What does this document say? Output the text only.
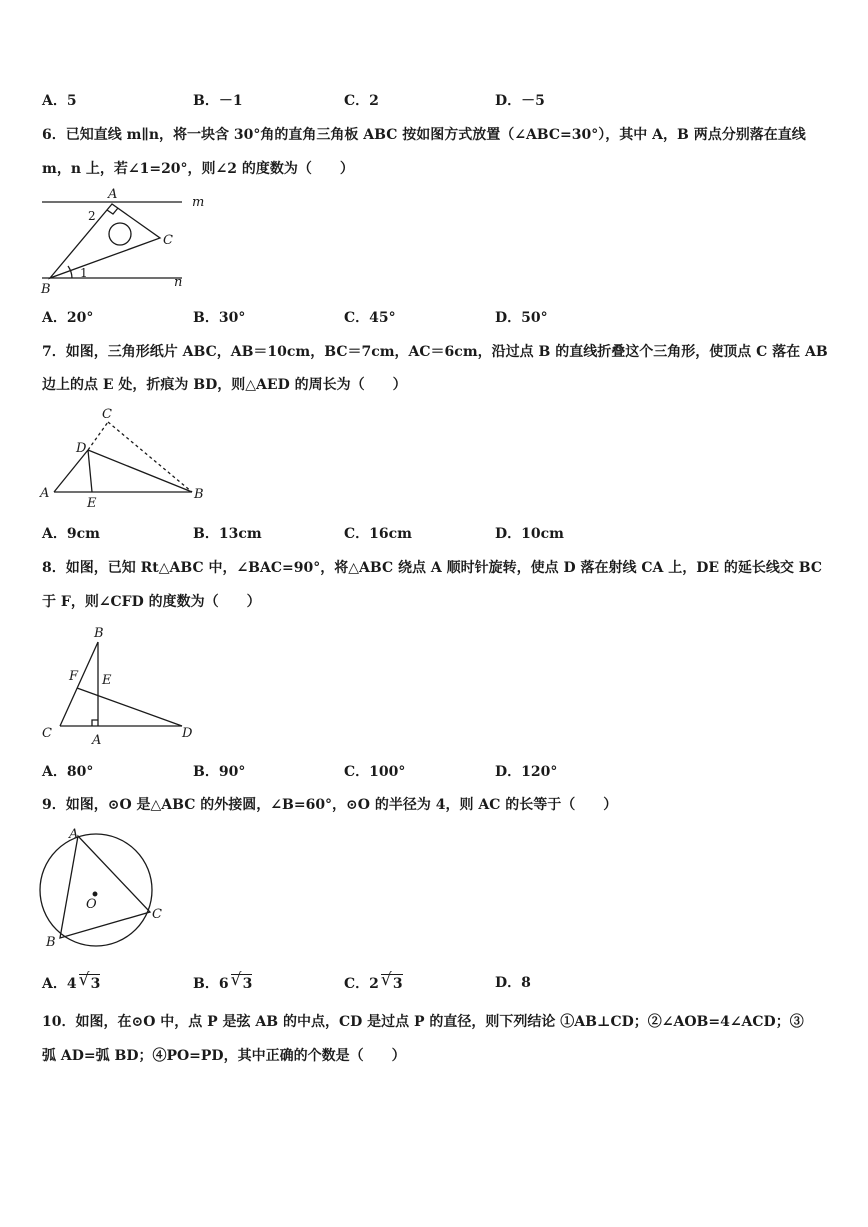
A．5	B．－1	C．2	D．－5
6．已知直线 m∥n，将一块含 30°角的直角三角板 ABC 按如图方式放置（∠ABC=30°），其中 A，B 两点分别落在直线
m，n 上，若∠1=20°，则∠2 的度数为（　　）
A
B
C
m
n
1
2
A．20°	B．30°	C．45°	D．50°
7．如图，三角形纸片 ABC，AB＝10cm，BC＝7cm，AC＝6cm，沿过点 B 的直线折叠这个三角形，使顶点 C 落在 AB
边上的点 E 处，折痕为 BD，则△AED 的周长为（　　）
A	B
C
D
E
A．9cm	B．13cm	C．16cm	D．10cm
8．如图，已知 Rt△ABC 中，∠BAC=90°，将△ABC 绕点 A 顺时针旋转，使点 D 落在射线 CA 上，DE 的延长线交 BC
于 F，则∠CFD 的度数为（　　）
B
C	A	D
E
F
A．80°	B．90°	C．100°	D．120°
9．如图，⊙O 是△ABC 的外接圆，∠B=60°，⊙O 的半径为 4，则 AC 的长等于（　　）
A
B
C
O
A．4 √ 3	B．6 √ 3	C．2 √ 3	D．8
10．如图，在⊙O 中，点 P 是弦 AB 的中点，CD 是过点 P 的直径，则下列结论 ①AB⊥CD；②∠AOB=4∠ACD；③
弧 AD=弧 BD；④PO=PD，其中正确的个数是（　　）
